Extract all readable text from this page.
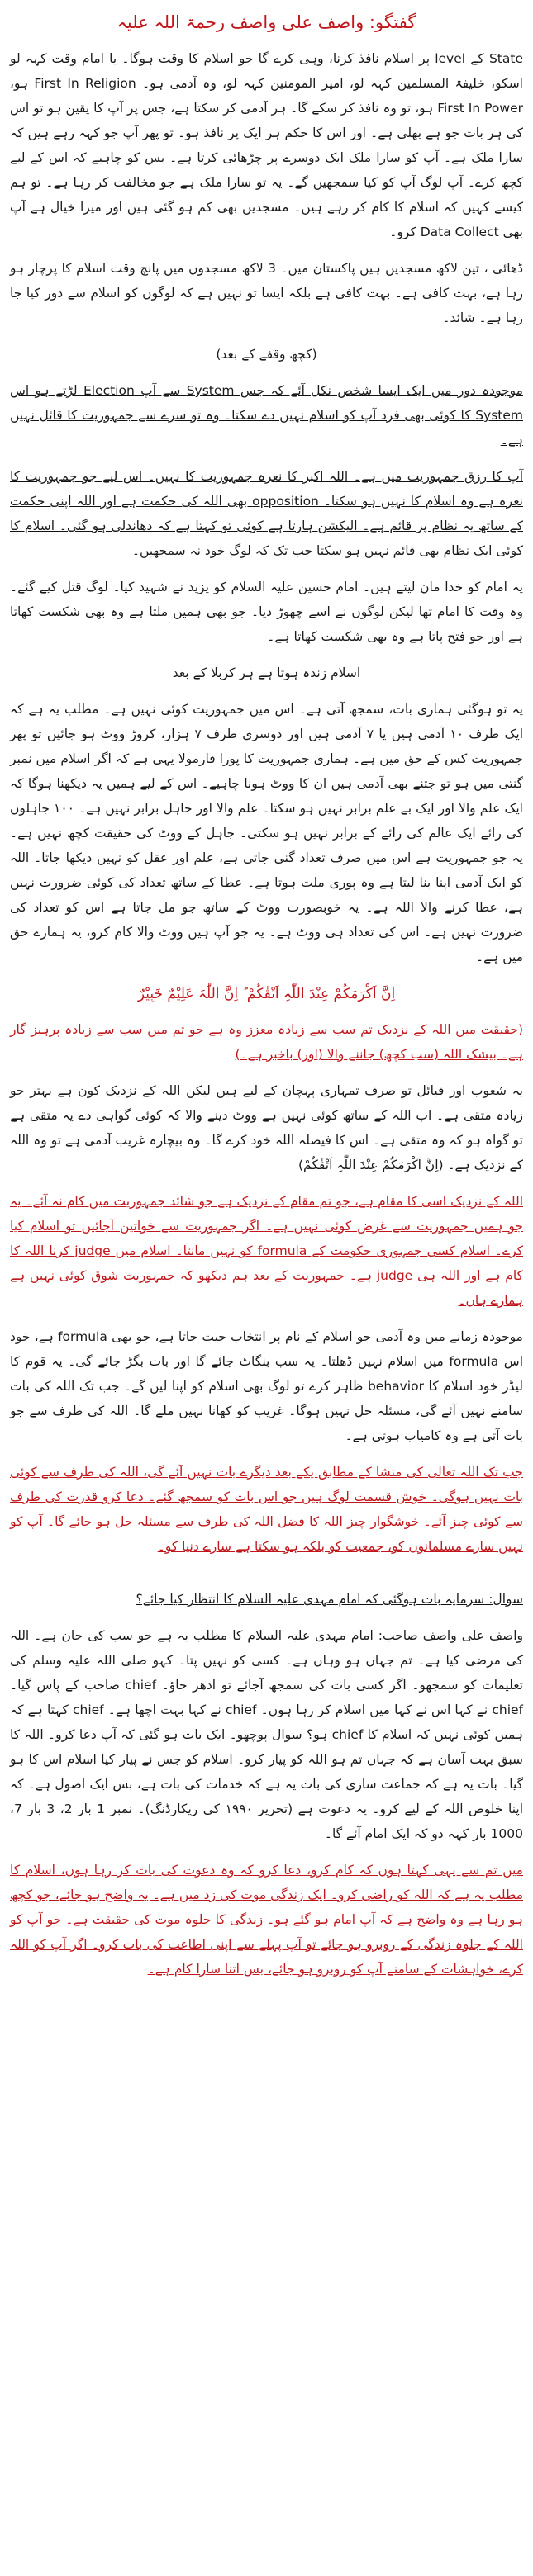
گفتگو: واصف علی واصف رحمۃ اللہ علیہ

State کے level پر اسلام نافذ کرنا، وہی کرے گا جو اسلام کا وقت ہوگا۔ یا امام وقت کہہ لو اسکو، خلیفۃ المسلمین کہہ لو، امیر المومنین کہہ لو، وہ آدمی ہو۔ First In Religion ہو، First In Power ہو، تو وہ نافذ کر سکے گا۔ ہر آدمی کر سکتا ہے، جس پر آپ کا یقین ہو تو اس کی ہر بات جو ہے بھلی ہے۔ اور اس کا حکم ہر ایک پر نافذ ہو۔ تو پھر آپ جو کہہ رہے ہیں کہ سارا ملک ہے۔ آپ کو سارا ملک ایک دوسرے پر چڑھائی کرتا ہے۔ بس کو چاہیے کہ اس کے لیے کچھ کرے۔ آپ لوگ آپ کو کیا سمجھیں گے۔ یہ تو سارا ملک ہے جو مخالفت کر رہا ہے۔ تو ہم کیسے کہیں کہ اسلام کا کام کر رہے ہیں۔ مسجدیں بھی کم ہو گئی ہیں اور میرا خیال ہے آپ بھی Data Collect کرو۔

ڈھائی ، تین لاکھ مسجدیں ہیں پاکستان میں۔ 3 لاکھ مسجدوں میں پانچ وقت اسلام کا پرچار ہو رہا ہے، بہت کافی ہے۔ بہت کافی ہے بلکہ ایسا تو نہیں ہے کہ لوگوں کو اسلام سے دور کیا جا رہا ہے۔ شائد۔

(کچھ وقفے کے بعد)

موجودہ دور میں ایک ایسا شخص نکل آئے کہ جس System سے آپ Election لڑتے ہو اس System کا کوئی بھی فرد آپ کو اسلام نہیں دے سکتا۔ وہ تو سرے سے جمہوریت کا قائل نہیں ہے۔

آپ کا رزق جمہوریت میں ہے۔ اللہ اکبر کا نعرہ جمہوریت کا نہیں۔ اس لیے جو جمہوریت کا نعرہ ہے وہ اسلام کا نہیں ہو سکتا۔ opposition بھی اللہ کی حکمت ہے اور اللہ اپنی حکمت کے ساتھ یہ نظام پر قائم ہے۔ الیکشن ہارتا ہے کوئی تو کہتا ہے کہ دھاندلی ہو گئی۔ اسلام کا کوئی ایک نظام بھی قائم نہیں ہو سکتا جب تک کہ لوگ خود نہ سمجھیں۔

یہ امام کو خدا مان لیتے ہیں۔ امام حسین علیہ السلام کو یزید نے شہید کیا۔ لوگ قتل کیے گئے۔ وہ وقت کا امام تھا لیکن لوگوں نے اسے چھوڑ دیا۔ جو بھی ہمیں ملتا ہے وہ بھی شکست کھاتا ہے اور جو فتح پاتا ہے وہ بھی شکست کھاتا ہے۔

اسلام زندہ ہوتا ہے ہر کربلا کے بعد

یہ تو ہوگئی ہماری بات، سمجھ آتی ہے۔ اس میں جمہوریت کوئی نہیں ہے۔ مطلب یہ ہے کہ ایک طرف ۱۰ آدمی ہیں یا ۷ آدمی ہیں اور دوسری طرف ۷ ہزار، کروڑ ووٹ ہو جائیں تو پھر جمہوریت کس کے حق میں ہے۔ ہماری جمہوریت کا پورا فارمولا یہی ہے کہ اگر اسلام میں نمبر گنتی میں ہو تو جتنے بھی آدمی ہیں ان کا ووٹ ہونا چاہیے۔ اس کے لیے ہمیں یہ دیکھنا ہوگا کہ ایک علم والا اور ایک بے علم برابر نہیں ہو سکتا۔ علم والا اور جاہل برابر نہیں ہے۔ ۱۰۰ جاہلوں کی رائے ایک عالم کی رائے کے برابر نہیں ہو سکتی۔ جاہل کے ووٹ کی حقیقت کچھ نہیں ہے۔ یہ جو جمہوریت ہے اس میں صرف تعداد گنی جاتی ہے، علم اور عقل کو نہیں دیکھا جاتا۔ اللہ کو ایک آدمی اپنا بنا لیتا ہے وہ پوری ملت ہوتا ہے۔ عطا کے ساتھ تعداد کی کوئی ضرورت نہیں ہے، عطا کرنے والا اللہ ہے۔ یہ خوبصورت ووٹ کے ساتھ جو مل جاتا ہے اس کو تعداد کی ضرورت نہیں ہے۔ اس کی تعداد ہی ووٹ ہے۔ یہ جو آپ ہیں ووٹ والا کام کرو، یہ ہمارے حق میں ہے۔

اِنَّ اَکْرَمَکُمْ عِنْدَ اللّٰہِ اَتْقٰکُمْ ؕ اِنَّ اللّٰہَ عَلِیْمٌ خَبِیْرٌ

(حقیقت میں اللہ کے نزدیک تم سب سے زیادہ معزز وہ ہے جو تم میں سب سے زیادہ پرہیز گار ہے۔ بیشک اللہ (سب کچھ) جاننے والا (اور) باخبر ہے۔)

یہ شعوب اور قبائل تو صرف تمہاری پہچان کے لیے ہیں لیکن اللہ کے نزدیک کون ہے بہتر جو زیادہ متقی ہے۔ اب اللہ کے ساتھ کوئی نہیں ہے ووٹ دینے والا کہ کوئی گواہی دے یہ متقی ہے تو گواہ ہو کہ وہ متقی ہے۔ اس کا فیصلہ اللہ خود کرے گا۔ وہ بیچارہ غریب آدمی ہے تو وہ اللہ کے نزدیک ہے۔ (اِنَّ اَکْرَمَکُمْ عِنْدَ اللّٰہِ اَتْقٰکُمْ)

اللہ کے نزدیک اسی کا مقام ہے، جو تم مقام کے نزدیک ہے جو شائد جمہوریت میں کام نہ آئے۔ یہ جو ہمیں جمہوریت سے غرض کوئی نہیں ہے۔ اگر جمہوریت سے خواتین آجائیں تو اسلام کیا کرے۔ اسلام کسی جمہوری حکومت کے formula کو نہیں مانتا۔ اسلام میں judge کرنا اللہ کا کام ہے اور اللہ ہی judge ہے۔ جمہوریت کے بعد ہم دیکھو کہ جمہوریت شوق کوئی نہیں ہے ہمارے ہاں۔

موجودہ زمانے میں وہ آدمی جو اسلام کے نام پر انتخاب جیت جاتا ہے، جو بھی formula ہے، خود اس formula میں اسلام نہیں ڈھلتا۔ یہ سب بنگاٹ جائے گا اور بات بگڑ جائے گی۔ یہ قوم کا لیڈر خود اسلام کا behavior ظاہر کرے تو لوگ بھی اسلام کو اپنا لیں گے۔ جب تک اللہ کی بات سامنے نہیں آئے گی، مسئلہ حل نہیں ہوگا۔ غریب کو کھانا نہیں ملے گا۔ اللہ کی طرف سے جو بات آتی ہے وہ کامیاب ہوتی ہے۔

جب تک اللہ تعالیٰ کی منشا کے مطابق یکے بعد دیگرے بات نہیں آئے گی، اللہ کی طرف سے کوئی بات نہیں ہوگی۔ خوش قسمت لوگ ہیں جو اس بات کو سمجھ گئے۔ دعا کرو قدرت کی طرف سے کوئی چیز آئے۔ خوشگوار چیز اللہ کا فضل اللہ کی طرف سے مسئلہ حل ہو جائے گا۔ آپ کو نہیں سارے مسلمانوں کو، جمعیت کو بلکہ ہو سکتا ہے سارے دنیا کو۔

سوال: سرمایہ بات ہوگئی کہ امام مہدی علیہ السلام کا انتظار کیا جائے؟

واصف علی واصف صاحب: امام مہدی علیہ السلام کا مطلب یہ ہے جو سب کی جان ہے۔ اللہ کی مرضی کیا ہے۔ تم جہاں ہو وہاں ہے۔ کسی کو نہیں پتا۔ کہو صلی اللہ علیہ وسلم کی تعلیمات کو سمجھو۔ اگر کسی بات کی سمجھ آجائے تو ادھر جاؤ۔ chief صاحب کے پاس گیا۔ chief نے کہا اس نے کہا میں اسلام کر رہا ہوں۔ chief نے کہا بہت اچھا ہے۔ chief کہتا ہے کہ ہمیں کوئی نہیں کہ اسلام کا chief ہو؟ سوال پوچھو۔ ایک بات ہو گئی کہ آپ دعا کرو۔ اللہ کا سبق بہت آسان ہے کہ جہاں تم ہو اللہ کو پیار کرو۔ اسلام کو جس نے پیار کیا اسلام اس کا ہو گیا۔ بات یہ ہے کہ جماعت سازی کی بات یہ ہے کہ خدمات کی بات ہے، بس ایک اصول ہے۔ کہ اپنا خلوص اللہ کے لیے کرو۔ یہ دعوت ہے (تحریر ۱۹۹۰ کی ریکارڈنگ)۔ نمبر 1 بار 2، 3 بار 7، 1000 بار کہہ دو کہ ایک امام آئے گا۔

میں تم سے یہی کہتا ہوں کہ کام کرو، دعا کرو کہ وہ دعوت کی بات کر رہا ہوں، اسلام کا مطلب یہ ہے کہ اللہ کو راضی کرو۔ ایک زندگی موت کی زد میں ہے۔ یہ واضح ہو جائے، جو کچھ ہو رہا ہے وہ واضح ہے کہ آپ امام ہو گئے ہو۔ زندگی کا جلوہ موت کی حقیقت ہے۔ جو آپ کو اللہ کے جلوہ زندگی کے روبرو ہو جائے تو آپ پہلے سے اپنی اطاعت کی بات کرو۔ اگر آپ کو اللہ کرے، خواہشات کے سامنے آپ کو روبرو ہو جائے، بس اتنا سارا کام ہے۔
